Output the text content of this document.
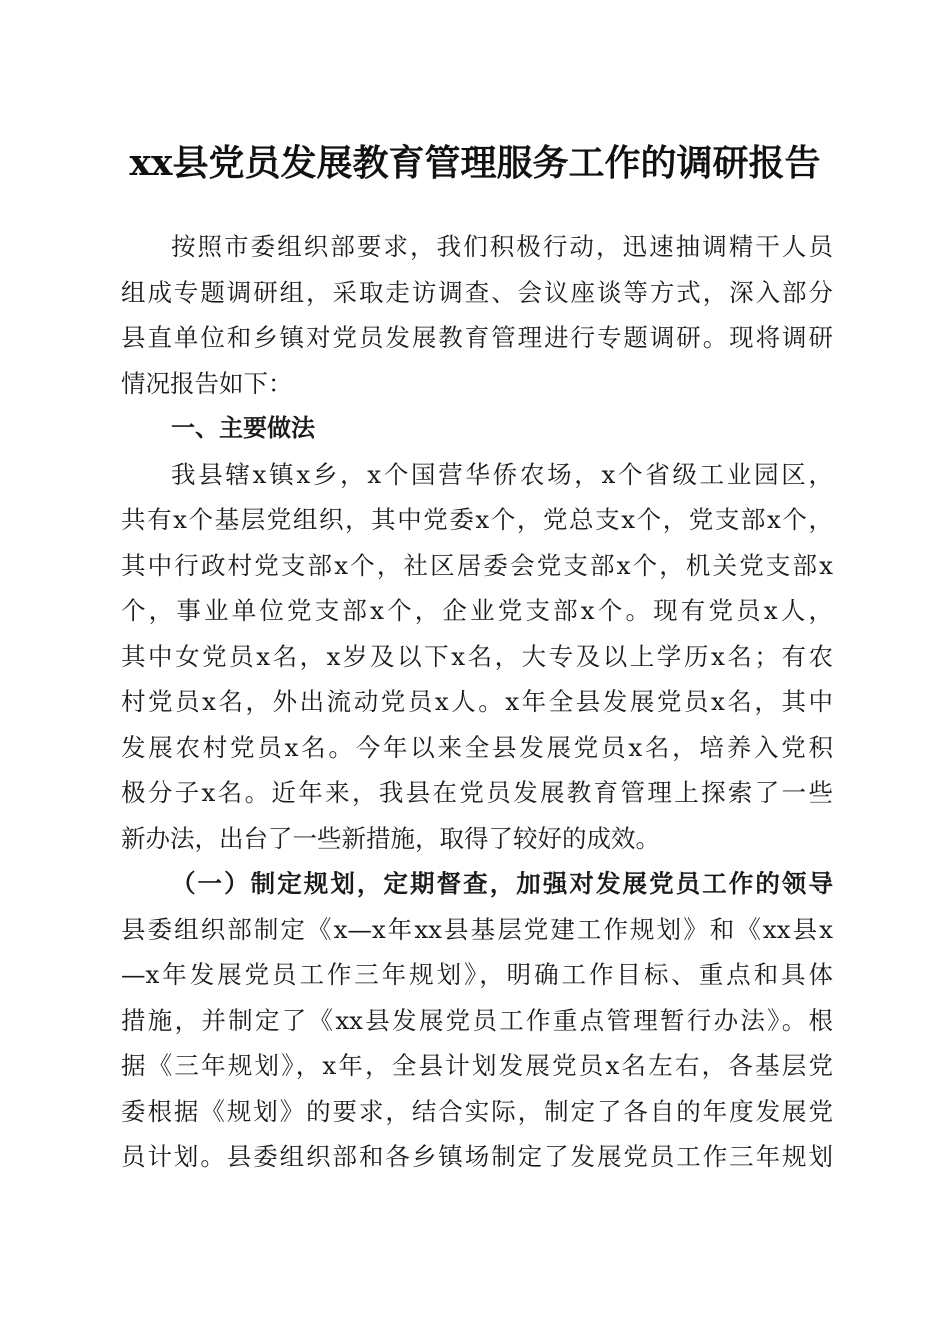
xx县党员发展教育管理服务工作的调研报告

按照市委组织部要求，我们积极行动，迅速抽调精干人员
组成专题调研组，采取走访调查、会议座谈等方式，深入部分
县直单位和乡镇对党员发展教育管理进行专题调研。现将调研
情况报告如下：

一、主要做法

我县辖x镇x乡，x个国营华侨农场，x个省级工业园区，
共有x个基层党组织，其中党委x个，党总支x个，党支部x个，
其中行政村党支部x个，社区居委会党支部x个，机关党支部x
个，事业单位党支部x个，企业党支部x个。现有党员x人，
其中女党员x名，x岁及以下x名，大专及以上学历x名；有农
村党员x名，外出流动党员x人。x年全县发展党员x名，其中
发展农村党员x名。今年以来全县发展党员x名，培养入党积
极分子x名。近年来，我县在党员发展教育管理上探索了一些
新办法，出台了一些新措施，取得了较好的成效。

（一）制定规划，定期督查，加强对发展党员工作的领导

县委组织部制定《x—x年xx县基层党建工作规划》和《xx县x
—x年发展党员工作三年规划》，明确工作目标、重点和具体
措施，并制定了《xx县发展党员工作重点管理暂行办法》。根
据《三年规划》，x年，全县计划发展党员x名左右，各基层党
委根据《规划》的要求，结合实际，制定了各自的年度发展党
员计划。县委组织部和各乡镇场制定了发展党员工作三年规划
